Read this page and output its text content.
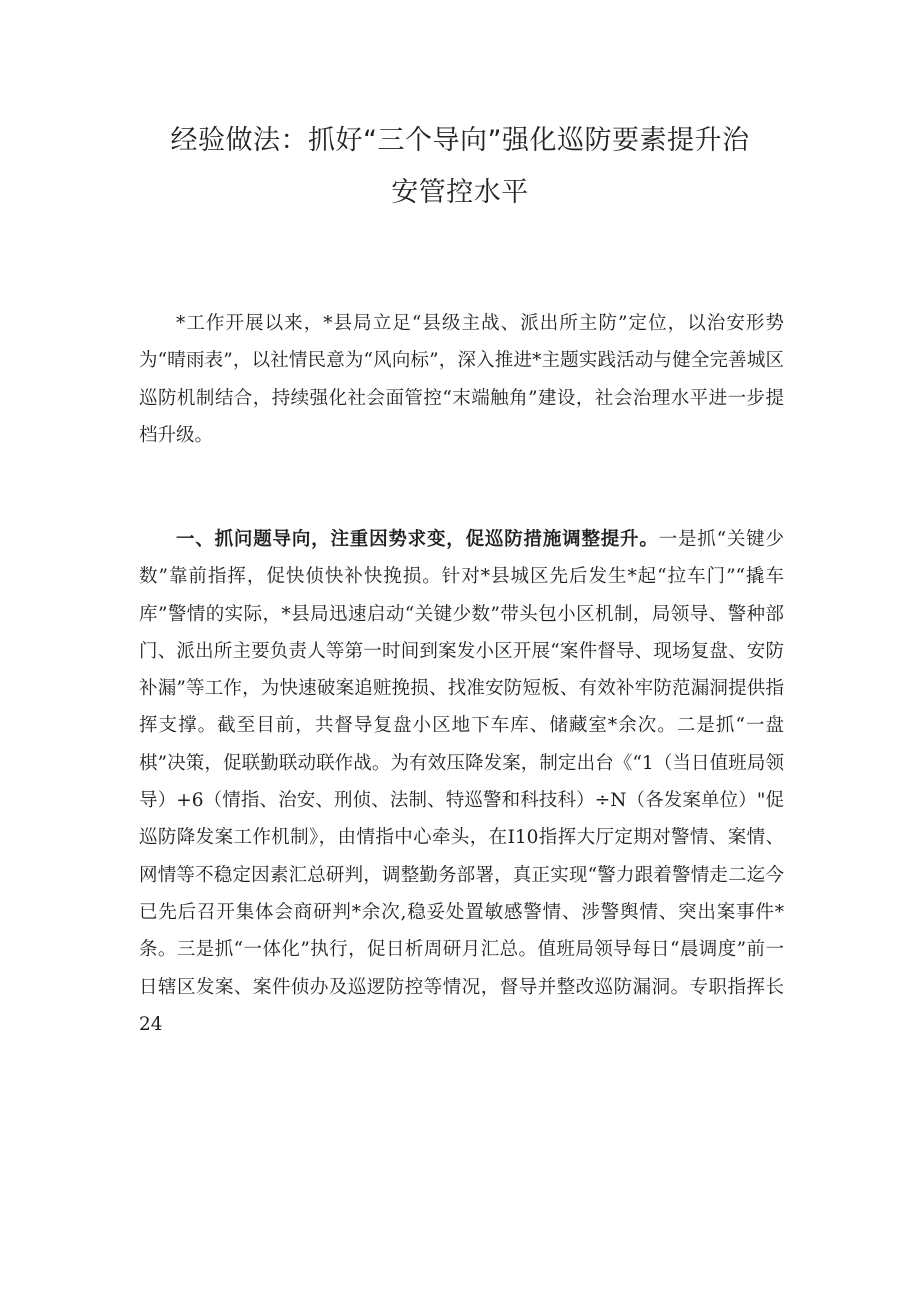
经验做法：抓好“三个导向”强化巡防要素提升治
安管控水平

*工作开展以来，*县局立足“县级主战、派出所主防”定位，以治安形势为“晴雨表”，以社情民意为“风向标”，深入推进*主题实践活动与健全完善城区巡防机制结合，持续强化社会面管控“末端触角”建设，社会治理水平进一步提档升级。

一、抓问题导向，注重因势求变，促巡防措施调整提升。一是抓“关键少数”靠前指挥，促快侦快补快挽损。针对*县城区先后发生*起“拉车门”“撬车库”警情的实际，*县局迅速启动“关键少数”带头包小区机制，局领导、警种部门、派出所主要负责人等第一时间到案发小区开展“案件督导、现场复盘、安防补漏”等工作，为快速破案追赃挽损、找准安防短板、有效补牢防范漏洞提供指挥支撑。截至目前，共督导复盘小区地下车库、储藏室*余次。二是抓“一盘棋”决策，促联勤联动联作战。为有效压降发案，制定出台《“1（当日值班局领导）+6（情指、治安、刑侦、法制、特巡警和科技科）÷N（各发案单位）"促巡防降发案工作机制》，由情指中心牵头，在I10指挥大厅定期对警情、案情、网情等不稳定因素汇总研判，调整勤务部署，真正实现“警力跟着警情走二迄今已先后召开集体会商研判*余次,稳妥处置敏感警情、涉警舆情、突出案事件*条。三是抓“一体化”执行，促日析周研月汇总。值班局领导每日“晨调度”前一日辖区发案、案件侦办及巡逻防控等情况，督导并整改巡防漏洞。专职指挥长24
